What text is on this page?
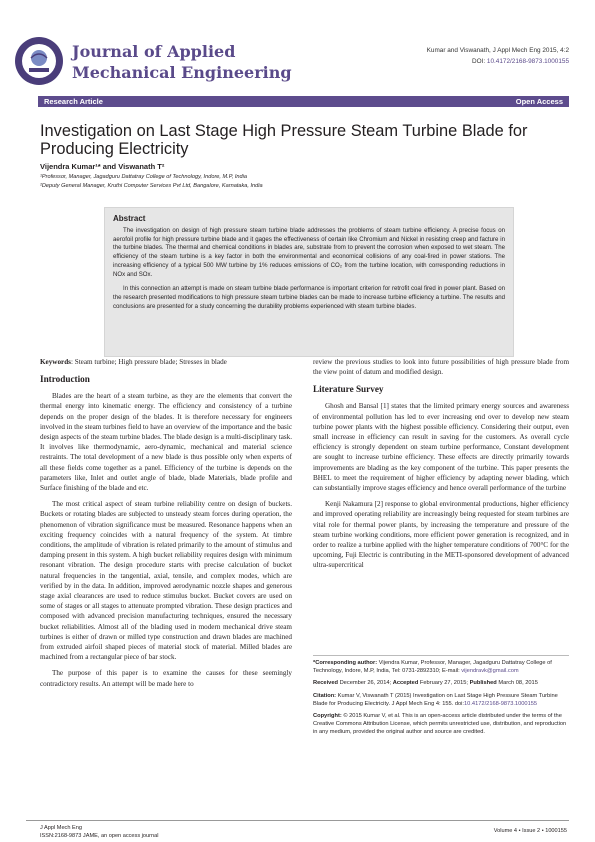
Journal of Applied
Mechanical Engineering
Kumar and Viswanath, J Appl Mech Eng 2015, 4:2
DOI: 10.4172/2168-9873.1000155
Research Article	Open Access
Investigation on Last Stage High Pressure Steam Turbine Blade for Producing Electricity
Vijendra Kumar¹* and Viswanath T²
¹Professor, Manager, Jagadguru Dattatray College of Technology, Indore, M.P, India
²Deputy General Manager, Kruthi Computer Services Pvt Ltd, Bangalore, Karnataka, India
Abstract

The investigation on design of high pressure steam turbine blade addresses the problems of steam turbine efficiency. A precise focus on aerofoil profile for high pressure turbine blade and it gages the effectiveness of certain like Chromium and Nickel in resisting creep and facture in the turbine blades. The thermal and chemical conditions in blades are, substrate from to prevent the corrosion when exposed to wet steam. The efficiency of the steam turbine is a key factor in both the environmental and economical collisions of any coal-fired in power stations. The increasing efficiency of a typical 500 MW turbine by 1% reduces emissions of CO₂ from the turbine location, with corresponding reductions in NOx and SOx.

In this connection an attempt is made on steam turbine blade performance is important criterion for retrofit coal fired in power plant. Based on the research presented modifications to high pressure steam turbine blades can be made to increase turbine efficiency a turbine. The results and conclusions are presented for a study concerning the durability problems experienced with steam turbine blades.

Keywords: Steam turbine; High pressure blade; Stresses in blade

Introduction

Blades are the heart of a steam turbine, as they are the elements that convert the thermal energy into kinematic energy. The efficiency and consistency of a turbine depends on the proper design of the blades. It is therefore necessary for engineers involved in the steam turbines field to have an overview of the importance and the basic design aspects of the steam turbine blades. The blade design is a multi-disciplinary task. It involves like thermodynamic, aero-dynamic, mechanical and material science restraints. The total development of a new blade is thus possible only when experts of all these fields come together as a panel. Efficiency of the turbine is depends on the parameters like, Inlet and outlet angle of blade, blade Materials, blade profile and Surface finishing of the blade and etc.

The most critical aspect of steam turbine reliability centre on design of buckets. Buckets or rotating blades are subjected to unsteady steam forces during operation, the phenomenon of vibration significance must be measured. Resonance happens when an exciting frequency coincides with a natural frequency of the system. At timbre conditions, the amplitude of vibration is related primarily to the amount of stimulus and damping present in this system. A high bucket reliability requires design with minimum resonant vibration. The design procedure starts with precise calculation of bucket natural frequencies in the tangential, axial, tensile, and complex modes, which are verified by in the data. In addition, improved aerodynamic nozzle shapes and generous stage axial clearances are used to reduce stimulus bucket. Bucket covers are used on some of stages or all stages to attenuate prompted vibration. These design practices and composed with advanced precision manufacturing techniques, ensured the necessary bucket reliabilities. Almost all of the blading used in modern mechanical drive steam turbines is either of drawn or milled type construction and drawn blades are machined from extruded airfoil shaped pieces of material stock of material. Milled blades are machined from a rectangular piece of bar stock.

The purpose of this paper is to examine the causes for these seemingly contradictory results. An attempt will be made here to

review the previous studies to look into future possibilities of high pressure blade from the view point of datum and modified design.

Literature Survey

Ghosh and Bansal [1] states that the limited primary energy sources and awareness of environmental pollution has led to ever increasing end over to develop new steam turbine power plants with the highest possible efficiency. Considering their output, even small increase in efficiency can result in saving for the customers. As overall cycle efficiency is strongly dependent on steam turbine performance, Constant development are sought to increase turbine efficiency. These effects are directly primarily towards improvements are blading as the key component of the turbine. This paper presents the BHEL to meet the requirement of higher efficiency by adapting newer blading, which can substantially improve stages efficiency and hence overall performance of the turbine

Kenji Nakamura [2] response to global environmental productions, higher efficiency and improved operating reliability are increasingly being requested for steam turbines are vital role for thermal power plants, by increasing the temperature and pressure of the steam turbine working conditions, more efficient power generation is recognized, and in order to realize a turbine applied with the higher temperature conditions of 700°C for the upcoming, Fuji Electric is contributing in the METI-sponsored development of advanced ultra-supercritical

*Corresponding author: Vijendra Kumar, Professor, Manager, Jagadguru Dattatray College of Technology, Indore, M.P, India, Tel: 0731-2892310; E-mail: vijendravk@gmail.com

Received December 26, 2014; Accepted February 27, 2015; Published March 08, 2015

Citation: Kumar V, Viswanath T (2015) Investigation on Last Stage High Pressure Steam Turbine Blade for Producing Electricity. J Appl Mech Eng 4: 155. doi:10.4172/2168-9873.1000155

Copyright: © 2015 Kumar V, et al. This is an open-access article distributed under the terms of the Creative Commons Attribution License, which permits unrestricted use, distribution, and reproduction in any medium, provided the original author and source are credited.

J Appl Mech Eng
ISSN:2168-9873 JAME, an open access journal
Volume 4 • Issue 2 • 1000155
